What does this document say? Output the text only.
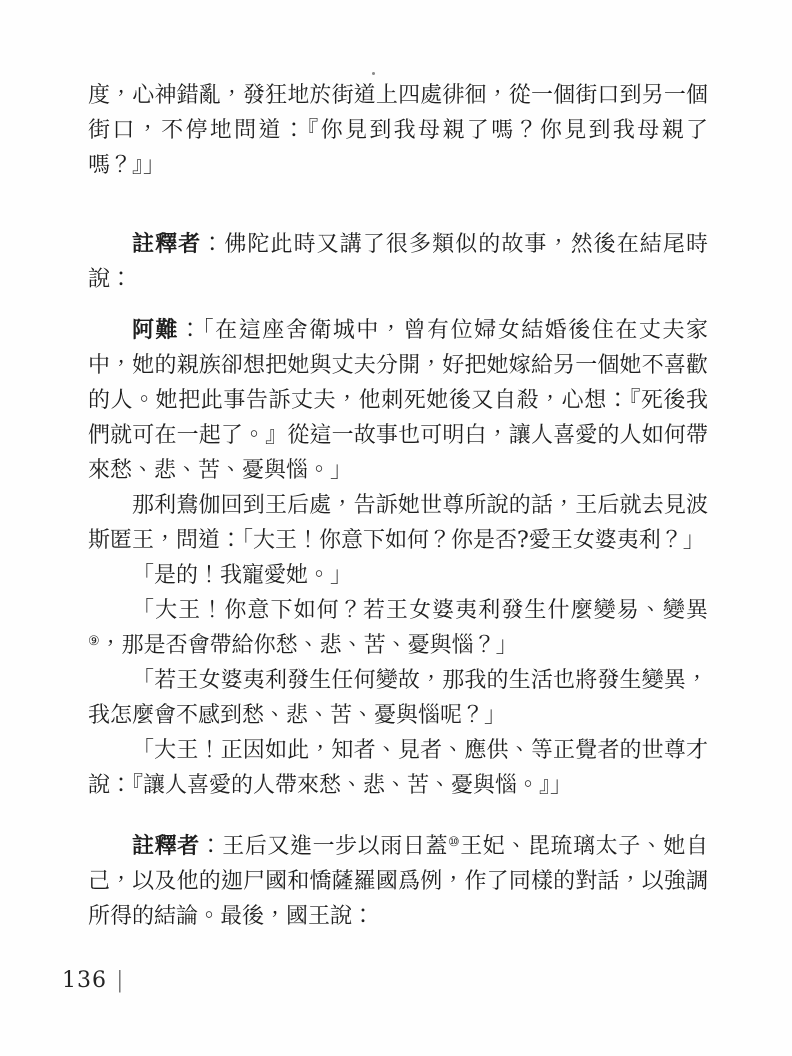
度，心神錯亂，發狂地於街道上四處徘徊，從一個街口到另一個街口，不停地問道：『你見到我母親了嗎？你見到我母親了嗎？』」

註釋者：佛陀此時又講了很多類似的故事，然後在結尾時說：

阿難：「在這座舍衛城中，曾有位婦女結婚後住在丈夫家中，她的親族卻想把她與丈夫分開，好把她嫁給另一個她不喜歡的人。她把此事告訴丈夫，他刺死她後又自殺，心想：『死後我們就可在一起了。』從這一故事也可明白，讓人喜愛的人如何帶來愁、悲、苦、憂與惱。」

那利鴦伽回到王后處，告訴她世尊所說的話，王后就去見波斯匿王，問道：「大王！你意下如何？你是否?愛王女婆夷利？」

「是的！我寵愛她。」

「大王！你意下如何？若王女婆夷利發生什麼變易、變異⑨，那是否會帶給你愁、悲、苦、憂與惱？」

「若王女婆夷利發生任何變故，那我的生活也將發生變異，我怎麼會不感到愁、悲、苦、憂與惱呢？」

「大王！正因如此，知者、見者、應供、等正覺者的世尊才說：『讓人喜愛的人帶來愁、悲、苦、憂與惱。』」

註釋者：王后又進一步以雨日蓋⑩王妃、毘琉璃太子、她自己，以及他的迦尸國和憍薩羅國爲例，作了同樣的對話，以強調所得的結論。最後，國王說：

136 |
